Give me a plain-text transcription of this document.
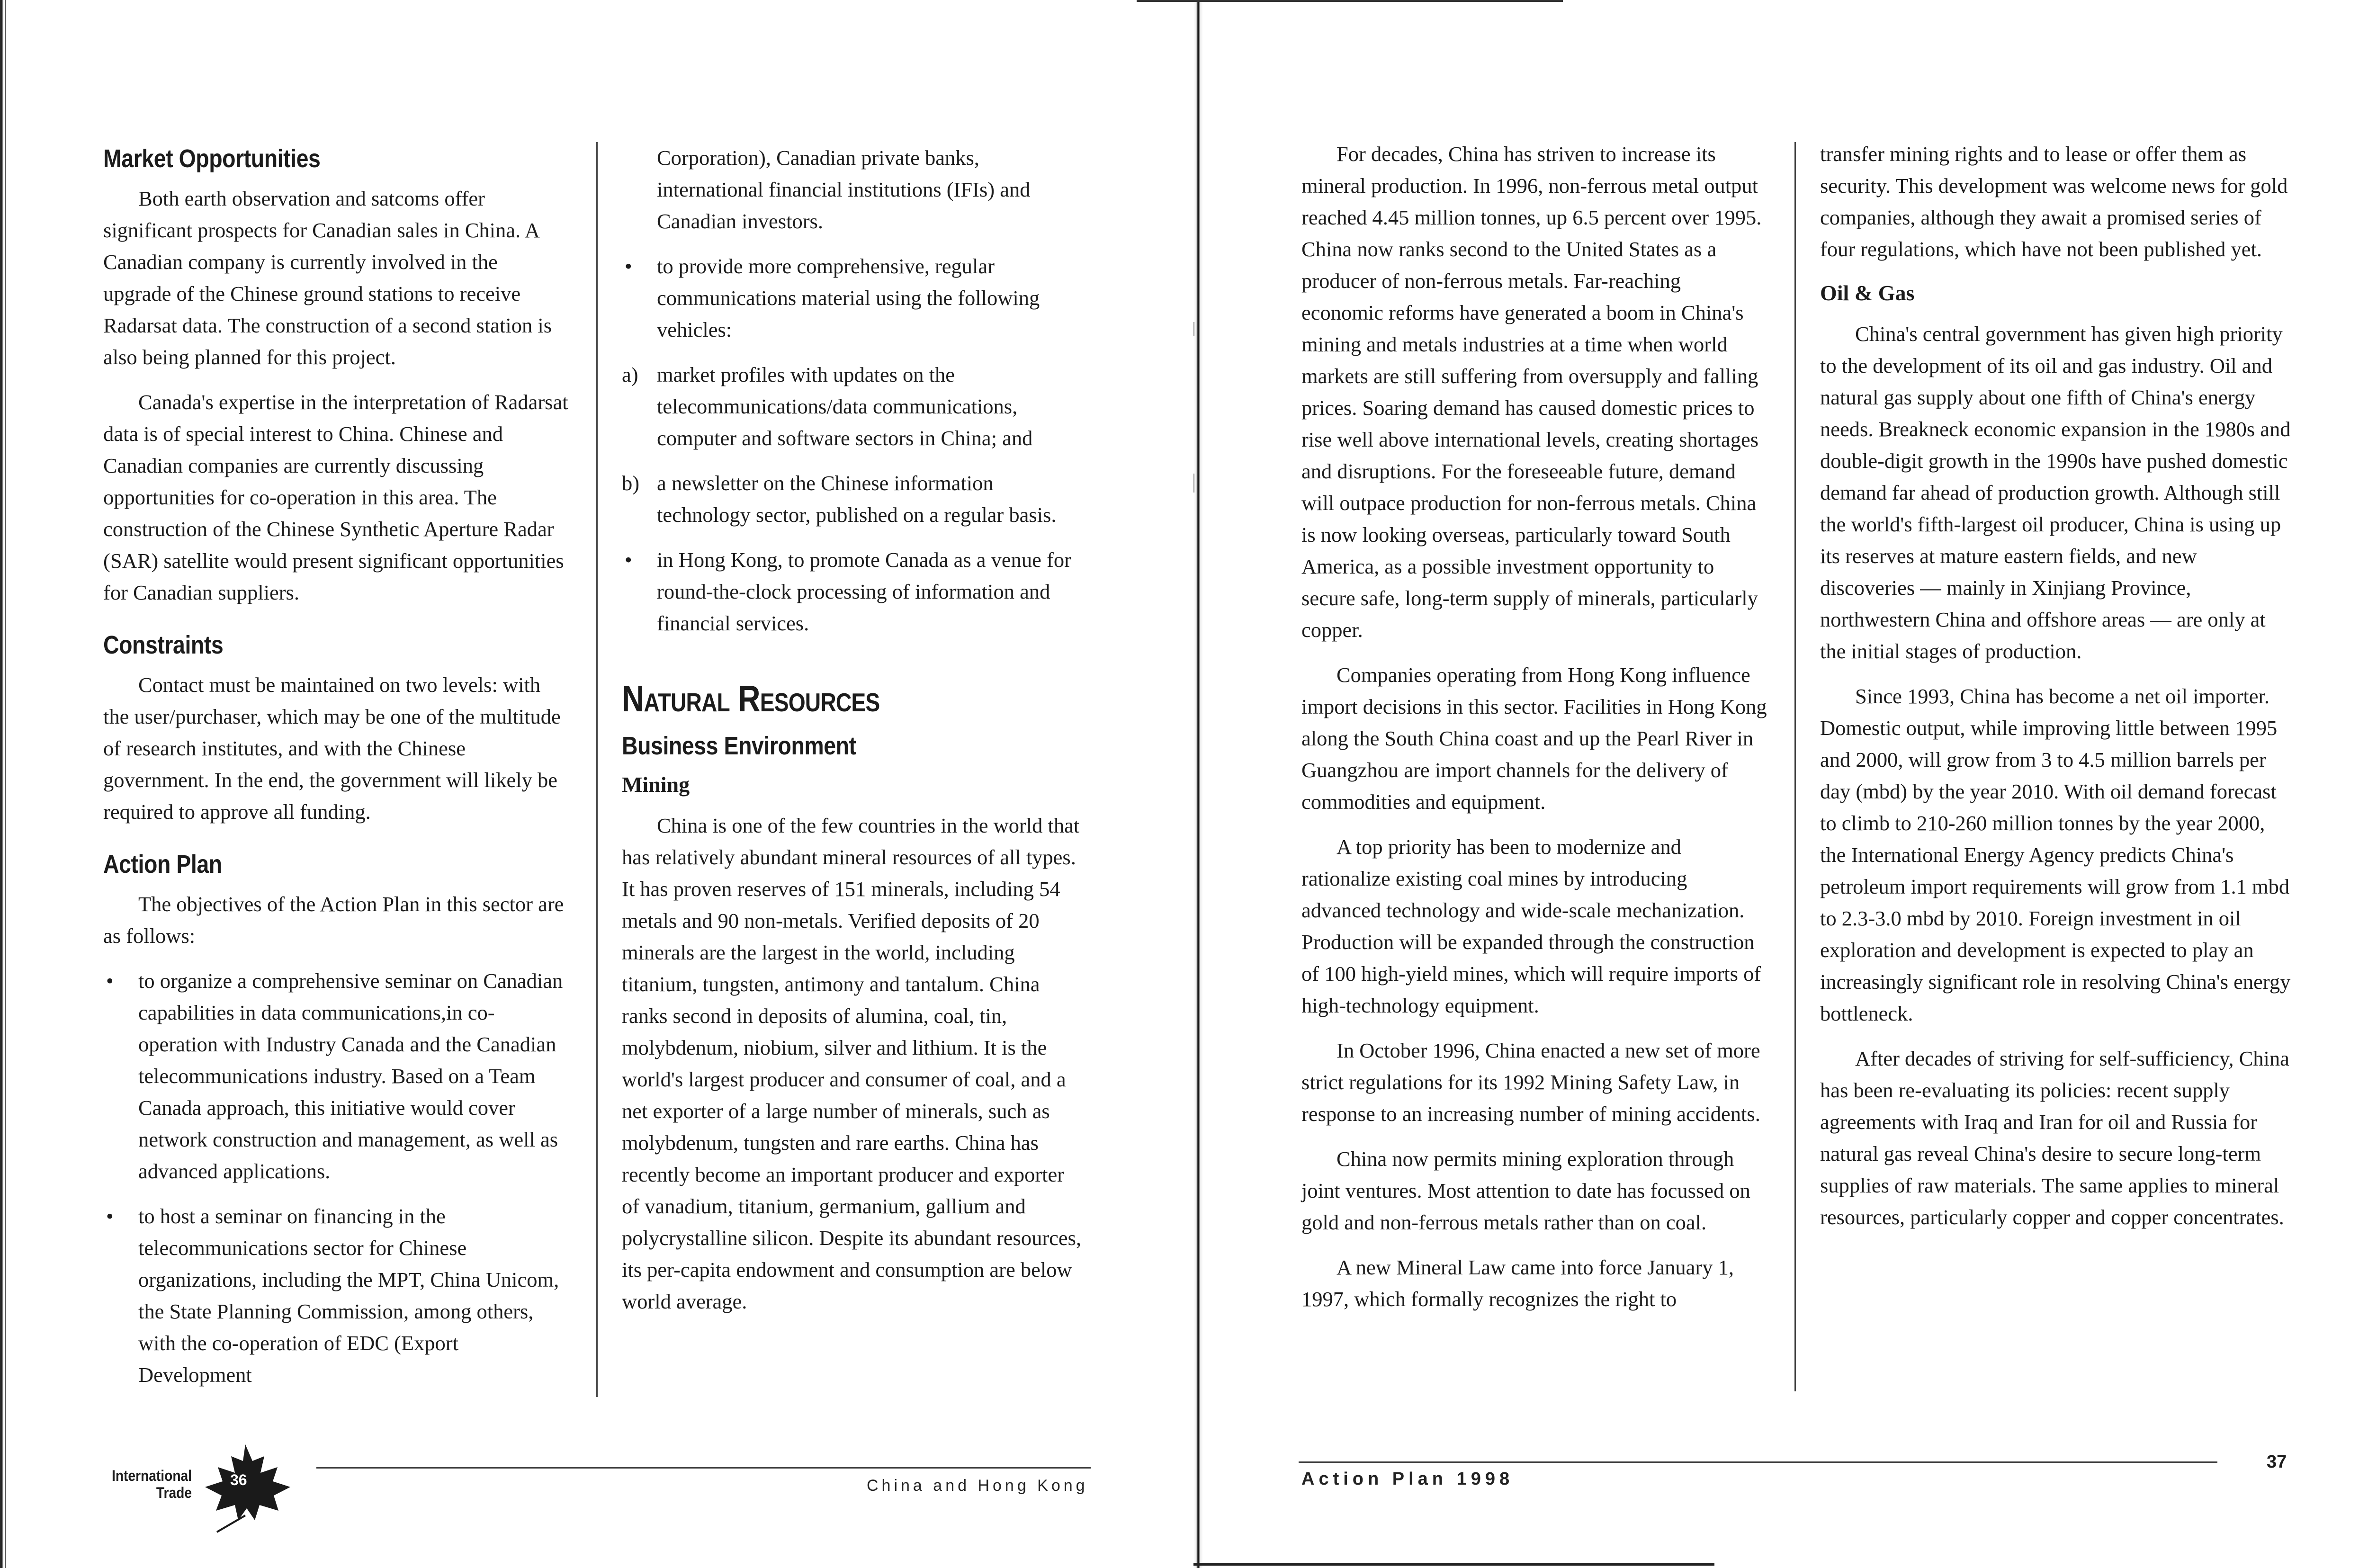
Market Opportunities

Both earth observation and satcoms offer significant prospects for Canadian sales in China. A Canadian company is currently involved in the upgrade of the Chinese ground stations to receive Radarsat data. The construction of a second station is also being planned for this project.

Canada's expertise in the interpretation of Radarsat data is of special interest to China. Chinese and Canadian companies are currently discussing opportunities for co-operation in this area. The construction of the Chinese Synthetic Aperture Radar (SAR) satellite would present significant opportunities for Canadian suppliers.

Constraints

Contact must be maintained on two levels: with the user/purchaser, which may be one of the multitude of research institutes, and with the Chinese government. In the end, the government will likely be required to approve all funding.

Action Plan

The objectives of the Action Plan in this sector are as follows:

• to organize a comprehensive seminar on Canadian capabilities in data communications,in co-operation with Industry Canada and the Canadian telecommunications industry. Based on a Team Canada approach, this initiative would cover network construction and management, as well as advanced applications.
• to host a seminar on financing in the telecommunications sector for Chinese organizations, including the MPT, China Unicom, the State Planning Commission, among others, with the co-operation of EDC (Export Development
Corporation), Canadian private banks, international financial institutions (IFIs) and Canadian investors.
• to provide more comprehensive, regular communications material using the following vehicles:
a) market profiles with updates on the telecommunications/data communications, computer and software sectors in China; and
b) a newsletter on the Chinese information technology sector, published on a regular basis.
• in Hong Kong, to promote Canada as a venue for round-the-clock processing of information and financial services.
Natural Resources
Business Environment
Mining

China is one of the few countries in the world that has relatively abundant mineral resources of all types. It has proven reserves of 151 minerals, including 54 metals and 90 non-metals. Verified deposits of 20 minerals are the largest in the world, including titanium, tungsten, antimony and tantalum. China ranks second in deposits of alumina, coal, tin, molybdenum, niobium, silver and lithium. It is the world's largest producer and consumer of coal, and a net exporter of a large number of minerals, such as molybdenum, tungsten and rare earths. China has recently become an important producer and exporter of vanadium, titanium, germanium, gallium and polycrystalline silicon. Despite its abundant resources, its per-capita endowment and consumption are below world average.

International
Trade
36	China and Hong Kong

For decades, China has striven to increase its mineral production. In 1996, non-ferrous metal output reached 4.45 million tonnes, up 6.5 percent over 1995. China now ranks second to the United States as a producer of non-ferrous metals. Far-reaching economic reforms have generated a boom in China's mining and metals industries at a time when world markets are still suffering from oversupply and falling prices. Soaring demand has caused domestic prices to rise well above international levels, creating shortages and disruptions. For the foreseeable future, demand will outpace production for non-ferrous metals. China is now looking overseas, particularly toward South America, as a possible investment opportunity to secure safe, long-term supply of minerals, particularly copper.

Companies operating from Hong Kong influence import decisions in this sector. Facilities in Hong Kong along the South China coast and up the Pearl River in Guangzhou are import channels for the delivery of commodities and equipment.

A top priority has been to modernize and rationalize existing coal mines by introducing advanced technology and wide-scale mechanization. Production will be expanded through the construction of 100 high-yield mines, which will require imports of high-technology equipment.

In October 1996, China enacted a new set of more strict regulations for its 1992 Mining Safety Law, in response to an increasing number of mining accidents.

China now permits mining exploration through joint ventures. Most attention to date has focussed on gold and non-ferrous metals rather than on coal.

A new Mineral Law came into force January 1, 1997, which formally recognizes the right to

transfer mining rights and to lease or offer them as security. This development was welcome news for gold companies, although they await a promised series of four regulations, which have not been published yet.

Oil & Gas

China's central government has given high priority to the development of its oil and gas industry. Oil and natural gas supply about one fifth of China's energy needs. Breakneck economic expansion in the 1980s and double-digit growth in the 1990s have pushed domestic demand far ahead of production growth. Although still the world's fifth-largest oil producer, China is using up its reserves at mature eastern fields, and new discoveries — mainly in Xinjiang Province, northwestern China and offshore areas — are only at the initial stages of production.

Since 1993, China has become a net oil importer. Domestic output, while improving little between 1995 and 2000, will grow from 3 to 4.5 million barrels per day (mbd) by the year 2010. With oil demand forecast to climb to 210-260 million tonnes by the year 2000, the International Energy Agency predicts China's petroleum import requirements will grow from 1.1 mbd to 2.3-3.0 mbd by 2010. Foreign investment in oil exploration and development is expected to play an increasingly significant role in resolving China's energy bottleneck.

After decades of striving for self-sufficiency, China has been re-evaluating its policies: recent supply agreements with Iraq and Iran for oil and Russia for natural gas reveal China's desire to secure long-term supplies of raw materials. The same applies to mineral resources, particularly copper and copper concentrates.

Action Plan 1998
37
